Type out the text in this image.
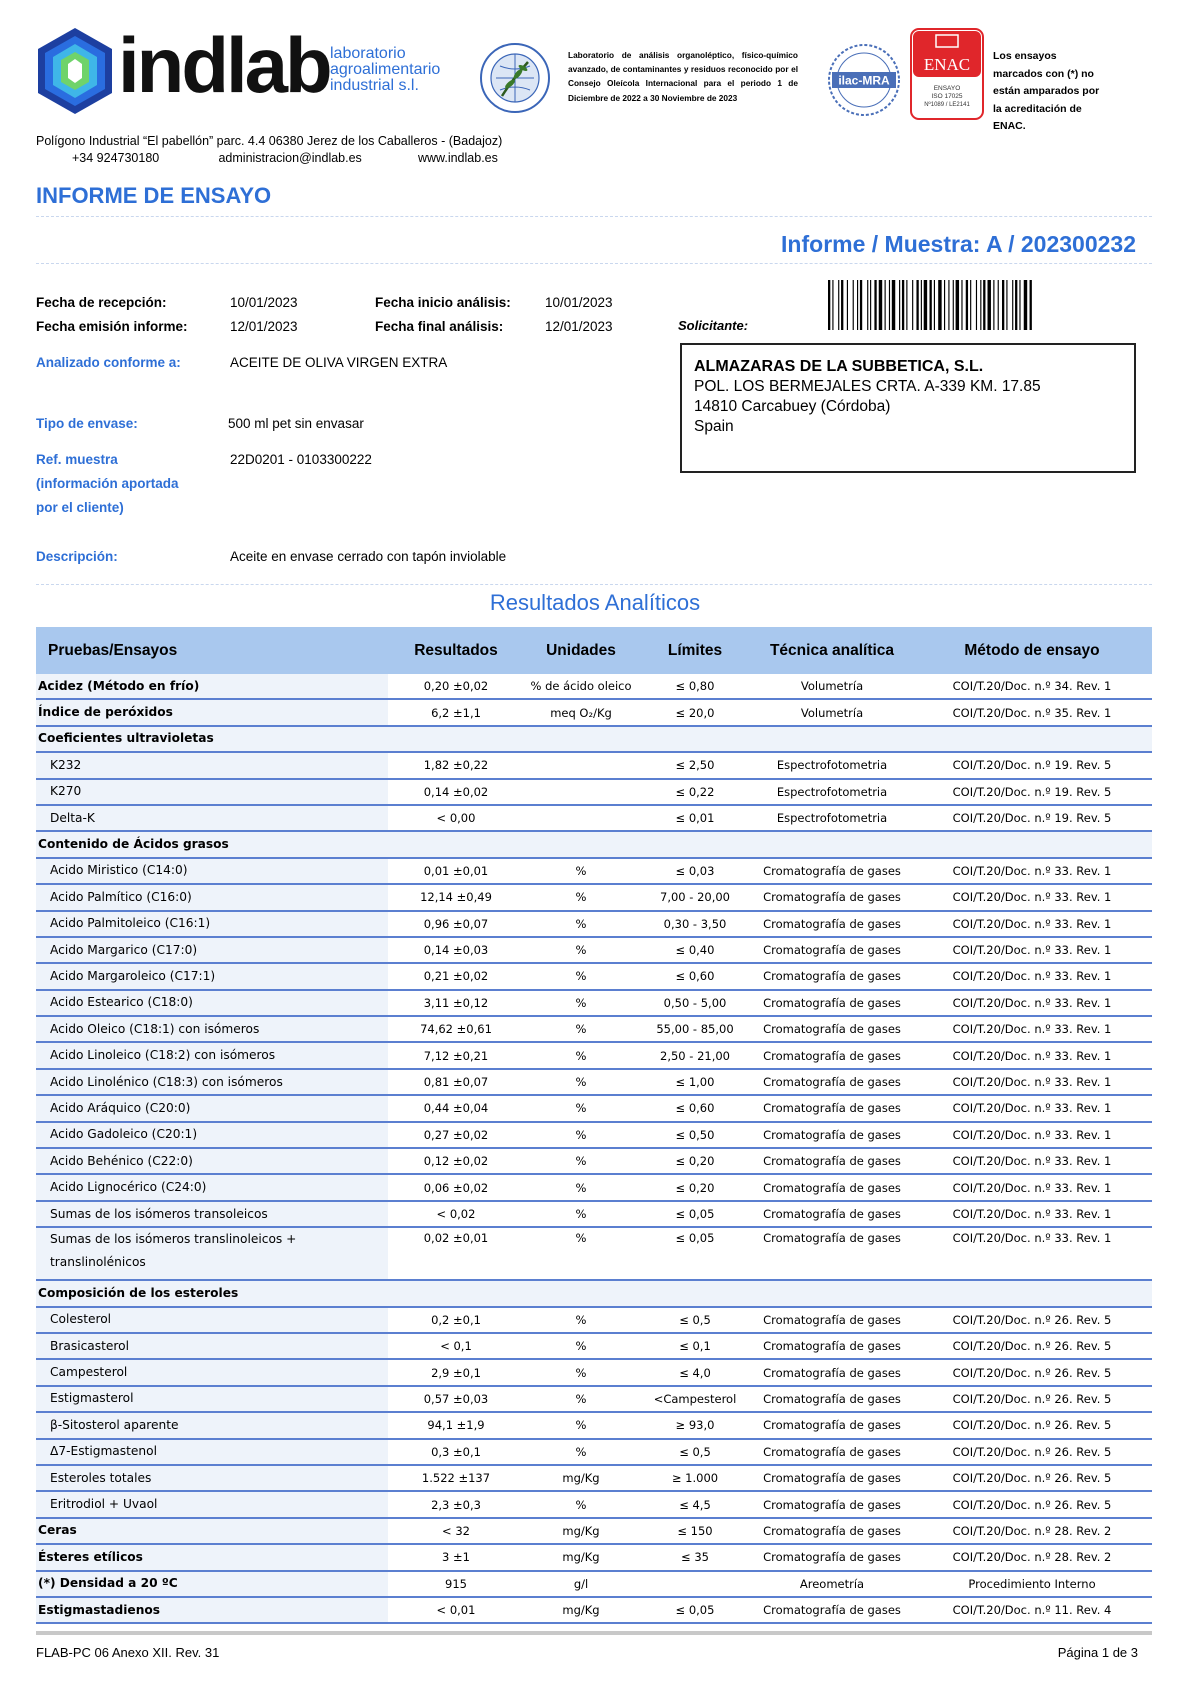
indlab laboratorio
agroalimentario
industrial s.l.
Laboratorio de análisis organoléptico, físico-químico avanzado, de contaminantes y residuos reconocido por el Consejo Oleícola Internacional para el periodo 1 de Diciembre de 2022 a 30 Noviembre de 2023
ilac-MRA
ENAC
ENSAYO
ISO 17025
Nº1089 / LE2141
Los ensayos marcados con (*) no están amparados por la acreditación de ENAC.
Polígono Industrial “El pabellón” parc. 4.4 06380 Jerez de los Caballeros - (Badajoz)
+34 924730180	administracion@indlab.es	www.indlab.es
INFORME DE ENSAYO
Informe / Muestra: A / 202300232
Fecha de recepción:	10/01/2023
Fecha emisión informe:	12/01/2023
Fecha inicio análisis:	10/01/2023
Fecha final análisis:	12/01/2023	Solicitante:
ALMAZARAS DE LA SUBBETICA, S.L.
POL. LOS BERMEJALES CRTA. A-339 KM. 17.85
14810 Carcabuey (Córdoba)
Spain
Analizado conforme a:	ACEITE DE OLIVA VIRGEN EXTRA
Tipo de envase:	500 ml pet sin envasar
Ref. muestra
(información aportada
por el cliente)
22D0201 - 0103300222
Descripción:	Aceite en envase cerrado con tapón inviolable
Resultados Analíticos
Pruebas/Ensayos	Resultados	Unidades	Límites	Técnica analítica	Método de ensayo
Acidez (Método en frío)	0,20 ±0,02	% de ácido oleico	≤ 0,80	Volumetría	COI/T.20/Doc. n.º 34. Rev. 1
Índice de peróxidos	6,2 ±1,1	meq O₂/Kg	≤ 20,0	Volumetría	COI/T.20/Doc. n.º 35. Rev. 1
Coeficientes ultravioletas					
K232	1,82 ±0,22		≤ 2,50	Espectrofotometria	COI/T.20/Doc. n.º 19. Rev. 5
K270	0,14 ±0,02		≤ 0,22	Espectrofotometria	COI/T.20/Doc. n.º 19. Rev. 5
Delta-K	< 0,00		≤ 0,01	Espectrofotometria	COI/T.20/Doc. n.º 19. Rev. 5
Contenido de Ácidos grasos					
Acido Miristico (C14:0)	0,01 ±0,01	%	≤ 0,03	Cromatografía de gases	COI/T.20/Doc. n.º 33. Rev. 1
Acido Palmítico (C16:0)	12,14 ±0,49	%	7,00 - 20,00	Cromatografía de gases	COI/T.20/Doc. n.º 33. Rev. 1
Acido Palmitoleico (C16:1)	0,96 ±0,07	%	0,30 - 3,50	Cromatografía de gases	COI/T.20/Doc. n.º 33. Rev. 1
Acido Margarico (C17:0)	0,14 ±0,03	%	≤ 0,40	Cromatografía de gases	COI/T.20/Doc. n.º 33. Rev. 1
Acido Margaroleico (C17:1)	0,21 ±0,02	%	≤ 0,60	Cromatografía de gases	COI/T.20/Doc. n.º 33. Rev. 1
Acido Estearico (C18:0)	3,11 ±0,12	%	0,50 - 5,00	Cromatografía de gases	COI/T.20/Doc. n.º 33. Rev. 1
Acido Oleico (C18:1) con isómeros	74,62 ±0,61	%	55,00 - 85,00	Cromatografía de gases	COI/T.20/Doc. n.º 33. Rev. 1
Acido Linoleico (C18:2) con isómeros	7,12 ±0,21	%	2,50 - 21,00	Cromatografía de gases	COI/T.20/Doc. n.º 33. Rev. 1
Acido Linolénico (C18:3) con isómeros	0,81 ±0,07	%	≤ 1,00	Cromatografía de gases	COI/T.20/Doc. n.º 33. Rev. 1
Acido Aráquico (C20:0)	0,44 ±0,04	%	≤ 0,60	Cromatografía de gases	COI/T.20/Doc. n.º 33. Rev. 1
Acido Gadoleico (C20:1)	0,27 ±0,02	%	≤ 0,50	Cromatografía de gases	COI/T.20/Doc. n.º 33. Rev. 1
Acido Behénico (C22:0)	0,12 ±0,02	%	≤ 0,20	Cromatografía de gases	COI/T.20/Doc. n.º 33. Rev. 1
Acido Lignocérico (C24:0)	0,06 ±0,02	%	≤ 0,20	Cromatografía de gases	COI/T.20/Doc. n.º 33. Rev. 1
Sumas de los isómeros transoleicos	< 0,02	%	≤ 0,05	Cromatografía de gases	COI/T.20/Doc. n.º 33. Rev. 1
Sumas de los isómeros translinoleicos + translinolénicos	0,02 ±0,01	%	≤ 0,05	Cromatografía de gases	COI/T.20/Doc. n.º 33. Rev. 1
Composición de los esteroles					
Colesterol	0,2 ±0,1	%	≤ 0,5	Cromatografía de gases	COI/T.20/Doc. n.º 26. Rev. 5
Brasicasterol	< 0,1	%	≤ 0,1	Cromatografía de gases	COI/T.20/Doc. n.º 26. Rev. 5
Campesterol	2,9 ±0,1	%	≤ 4,0	Cromatografía de gases	COI/T.20/Doc. n.º 26. Rev. 5
Estigmasterol	0,57 ±0,03	%	<Campesterol	Cromatografía de gases	COI/T.20/Doc. n.º 26. Rev. 5
β-Sitosterol aparente	94,1 ±1,9	%	≥ 93,0	Cromatografía de gases	COI/T.20/Doc. n.º 26. Rev. 5
Δ7-Estigmastenol	0,3 ±0,1	%	≤ 0,5	Cromatografía de gases	COI/T.20/Doc. n.º 26. Rev. 5
Esteroles totales	1.522 ±137	mg/Kg	≥ 1.000	Cromatografía de gases	COI/T.20/Doc. n.º 26. Rev. 5
Eritrodiol + Uvaol	2,3 ±0,3	%	≤ 4,5	Cromatografía de gases	COI/T.20/Doc. n.º 26. Rev. 5
Ceras	< 32	mg/Kg	≤ 150	Cromatografía de gases	COI/T.20/Doc. n.º 28. Rev. 2
Ésteres etílicos	3 ±1	mg/Kg	≤ 35	Cromatografía de gases	COI/T.20/Doc. n.º 28. Rev. 2
(*) Densidad a 20 ºC	915	g/l		Areometría	Procedimiento Interno
Estigmastadienos	< 0,01	mg/Kg	≤ 0,05	Cromatografía de gases	COI/T.20/Doc. n.º 11. Rev. 4
FLAB-PC 06 Anexo XII. Rev. 31	Página 1 de 3
